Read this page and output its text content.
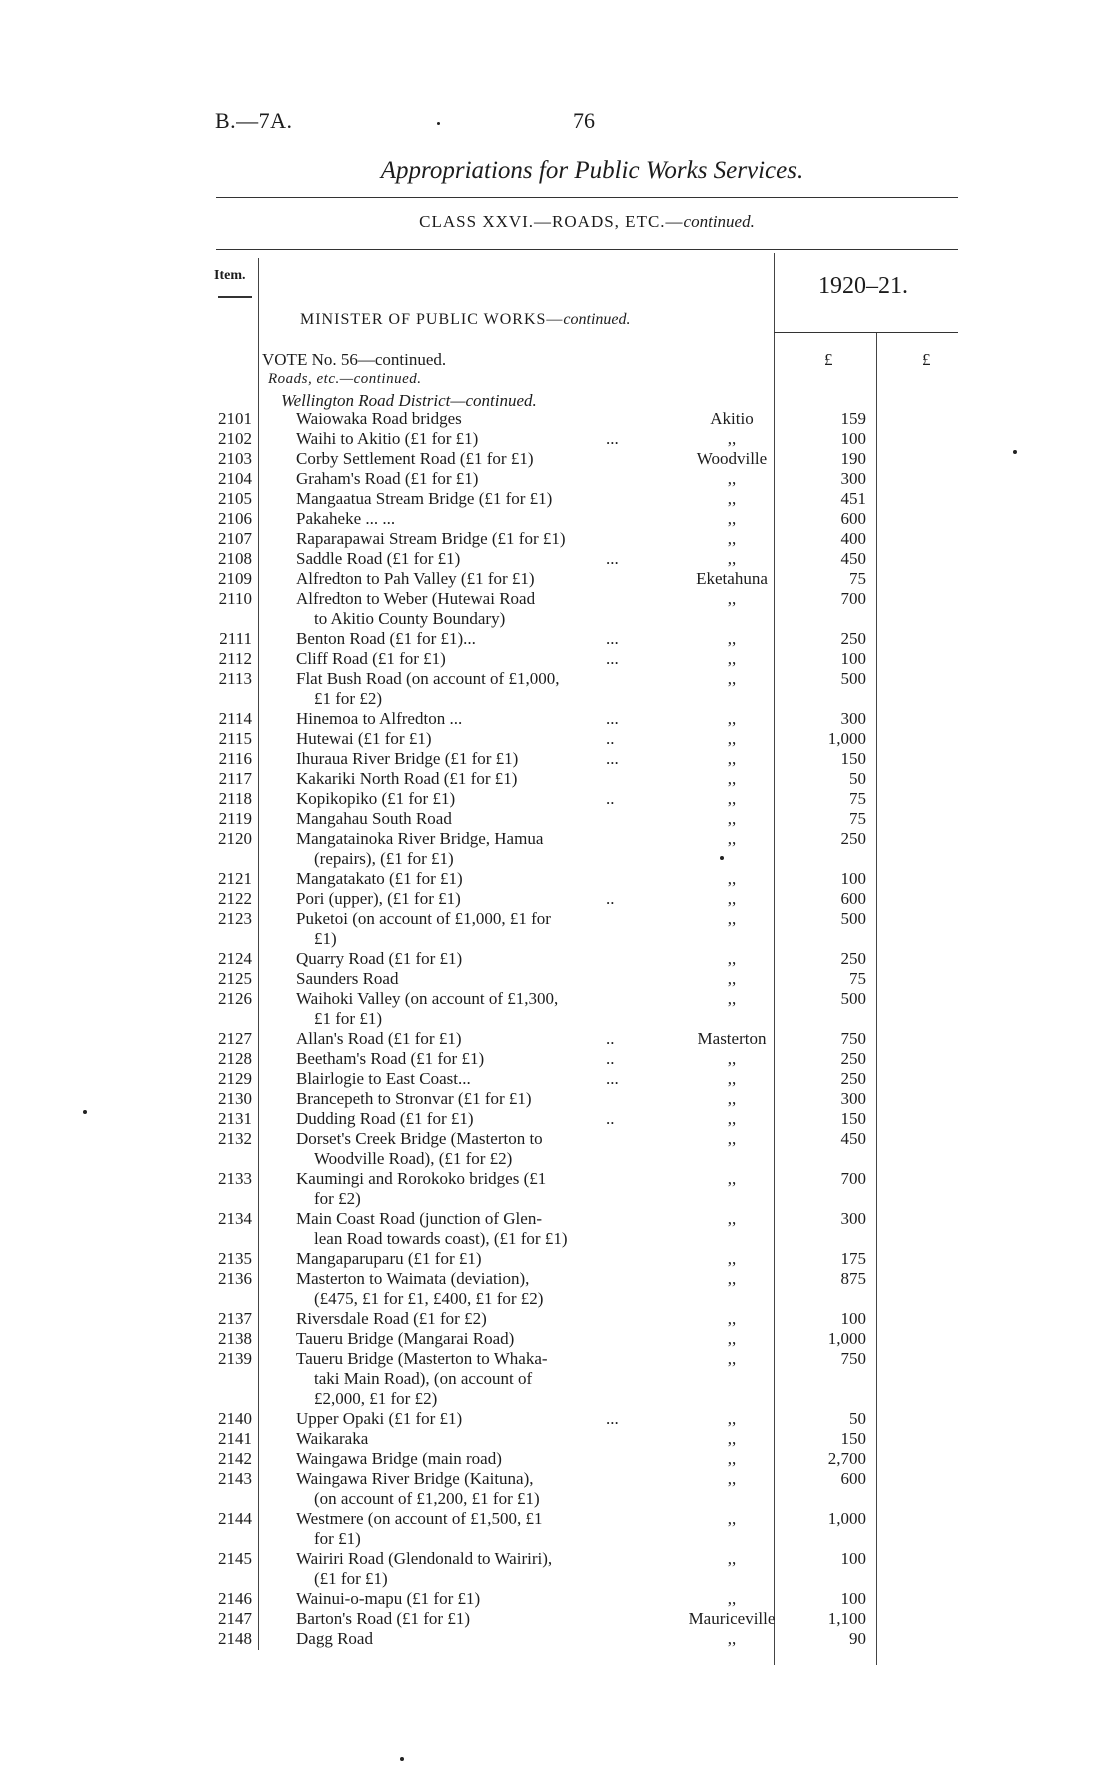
B.—7A.	76
Appropriations for Public Works Services.
CLASS XXVI.—ROADS, ETC.—continued.
Item.	1920–21.
MINISTER OF PUBLIC WORKS—continued.
£	£
VOTE No. 56—continued.
Roads, etc.—continued.
Wellington Road District—continued.
2101	Waiowaka Road bridges	Akitio	159
2102	Waihi to Akitio (£1 for £1)	...	,,	100
2103	Corby Settlement Road (£1 for £1)	Woodville	190
2104	Graham's Road (£1 for £1)	,,	300
2105	Mangaatua Stream Bridge (£1 for £1)	,,	451
2106	Pakaheke ... ...	,,	600
2107	Raparapawai Stream Bridge (£1 for £1)	,,	400
2108	Saddle Road (£1 for £1)	...	,,	450
2109	Alfredton to Pah Valley (£1 for £1)	Eketahuna	75
2110	Alfredton to Weber (Hutewai Road
to Akitio County Boundary)
,,	700
2111	Benton Road (£1 for £1)...	...	,,	250
2112	Cliff Road (£1 for £1)	...	,,	100
2113	Flat Bush Road (on account of £1,000,
£1 for £2)
,,	500
2114	Hinemoa to Alfredton ...	...	,,	300
2115	Hutewai (£1 for £1)	..	,,	1,000
2116	Ihuraua River Bridge (£1 for £1)	...	,,	150
2117	Kakariki North Road (£1 for £1)	,,	50
2118	Kopikopiko (£1 for £1)	..	,,	75
2119	Mangahau South Road	,,	75
2120	Mangatainoka River Bridge, Hamua
(repairs), (£1 for £1)
,,	250
2121	Mangatakato (£1 for £1)	,,	100
2122	Pori (upper), (£1 for £1)	..	,,	600
2123	Puketoi (on account of £1,000, £1 for
£1)
,,	500
2124	Quarry Road (£1 for £1)	,,	250
2125	Saunders Road	,,	75
2126	Waihoki Valley (on account of £1,300,
£1 for £1)
,,	500
2127	Allan's Road (£1 for £1)	..	Masterton	750
2128	Beetham's Road (£1 for £1)	..	,,	250
2129	Blairlogie to East Coast...	...	,,	250
2130	Brancepeth to Stronvar (£1 for £1)	,,	300
2131	Dudding Road (£1 for £1)	..	,,	150
2132	Dorset's Creek Bridge (Masterton to
Woodville Road), (£1 for £2)
,,	450
2133	Kaumingi and Rorokoko bridges (£1
for £2)
,,	700
2134	Main Coast Road (junction of Glen-
lean Road towards coast), (£1 for £1)
,,	300
2135	Mangaparuparu (£1 for £1)	,,	175
2136	Masterton to Waimata (deviation),
(£475, £1 for £1, £400, £1 for £2)
,,	875
2137	Riversdale Road (£1 for £2)	,,	100
2138	Taueru Bridge (Mangarai Road)	,,	1,000
2139	Taueru Bridge (Masterton to Whaka-
taki Main Road), (on account of
£2,000, £1 for £2)
,,	750
2140	Upper Opaki (£1 for £1)	...	,,	50
2141	Waikaraka	,,	150
2142	Waingawa Bridge (main road)	,,	2,700
2143	Waingawa River Bridge (Kaituna),
(on account of £1,200, £1 for £1)
,,	600
2144	Westmere (on account of £1,500, £1
for £1)
,,	1,000
2145	Wairiri Road (Glendonald to Wairiri),
(£1 for £1)
,,	100
2146	Wainui-o-mapu (£1 for £1)	,,	100
2147	Barton's Road (£1 for £1)	Mauriceville	1,100
2148	Dagg Road	,,	90
